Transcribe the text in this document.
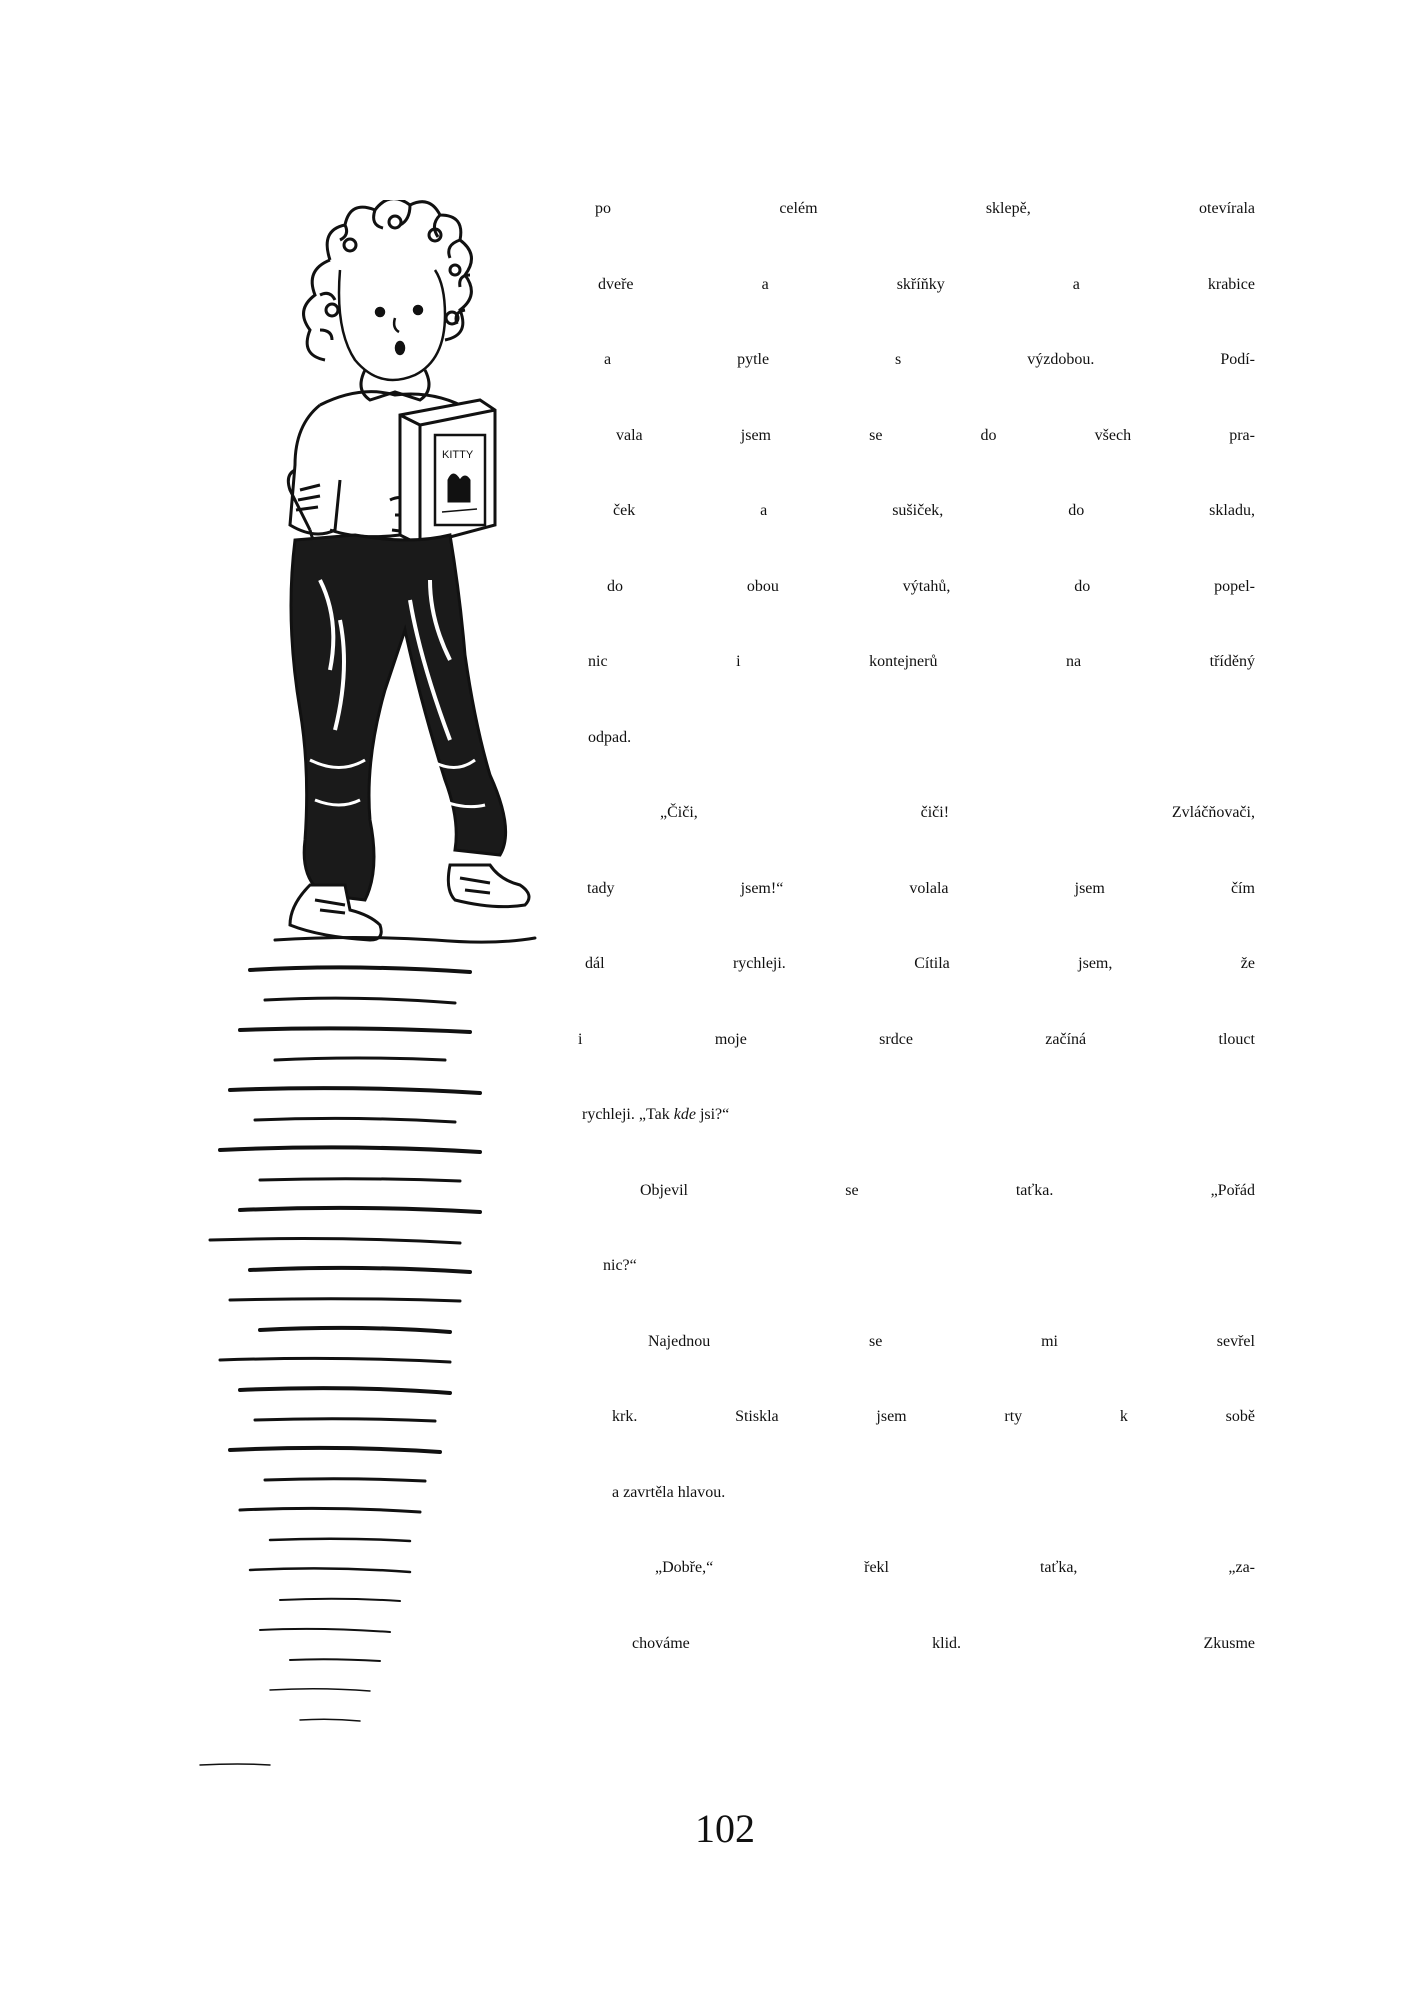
KITTY
102
po	celém	sklepě,	otevírala
dveře	a	skříňky	a	krabice
a	pytle	s	výzdobou.	Podí-
vala	jsem	se	do	všech	pra-
ček	a	sušiček,	do	skladu,
do	obou	výtahů,	do	popel-
nic	i	kontejnerů	na	tříděný
odpad.
„Čiči,	čiči!	Zvláčňovači,
tady	jsem!“	volala	jsem	čím
dál	rychleji.	Cítila	jsem,	že
i	moje	srdce	začíná	tlouct
rychleji. „Tak kde jsi?“
Objevil	se	taťka.	„Pořád
nic?“
Najednou	se	mi	sevřel
krk.	Stiskla	jsem	rty	k	sobě
a zavrtěla hlavou.
„Dobře,“	řekl	taťka,	„za-
chováme	klid.	Zkusme
